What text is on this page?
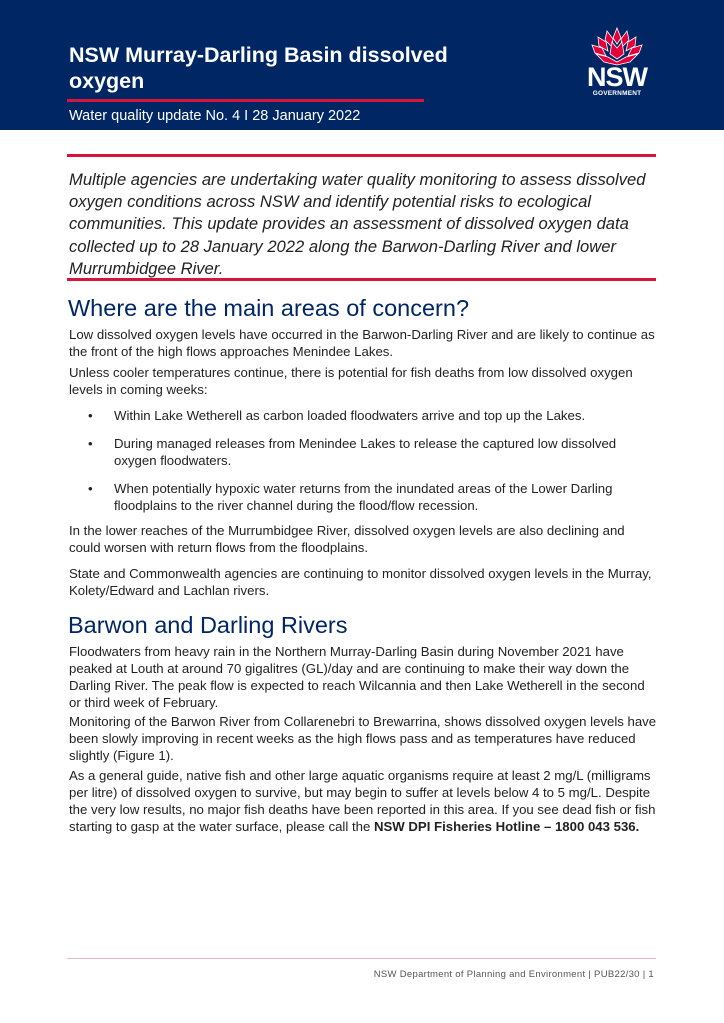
NSW Murray-Darling Basin dissolved oxygen
Water quality update No. 4 I 28 January 2022
NSW
GOVERNMENT
Multiple agencies are undertaking water quality monitoring to assess dissolved oxygen conditions across NSW and identify potential risks to ecological communities. This update provides an assessment of dissolved oxygen data collected up to 28 January 2022 along the Barwon-Darling River and lower Murrumbidgee River.
Where are the main areas of concern?

Low dissolved oxygen levels have occurred in the Barwon-Darling River and are likely to continue as the front of the high flows approaches Menindee Lakes.

Unless cooler temperatures continue, there is potential for fish deaths from low dissolved oxygen levels in coming weeks:

• Within Lake Wetherell as carbon loaded floodwaters arrive and top up the Lakes.
• During managed releases from Menindee Lakes to release the captured low dissolved oxygen floodwaters.
• When potentially hypoxic water returns from the inundated areas of the Lower Darling floodplains to the river channel during the flood/flow recession.

In the lower reaches of the Murrumbidgee River, dissolved oxygen levels are also declining and could worsen with return flows from the floodplains.

State and Commonwealth agencies are continuing to monitor dissolved oxygen levels in the Murray, Kolety/Edward and Lachlan rivers.

Barwon and Darling Rivers

Floodwaters from heavy rain in the Northern Murray-Darling Basin during November 2021 have peaked at Louth at around 70 gigalitres (GL)/day and are continuing to make their way down the Darling River. The peak flow is expected to reach Wilcannia and then Lake Wetherell in the second or third week of February.

Monitoring of the Barwon River from Collarenebri to Brewarrina, shows dissolved oxygen levels have been slowly improving in recent weeks as the high flows pass and as temperatures have reduced slightly (Figure 1).

As a general guide, native fish and other large aquatic organisms require at least 2 mg/L (milligrams per litre) of dissolved oxygen to survive, but may begin to suffer at levels below 4 to 5 mg/L. Despite the very low results, no major fish deaths have been reported in this area. If you see dead fish or fish starting to gasp at the water surface, please call the NSW DPI Fisheries Hotline – 1800 043 536.

NSW Department of Planning and Environment | PUB22/30 | 1
